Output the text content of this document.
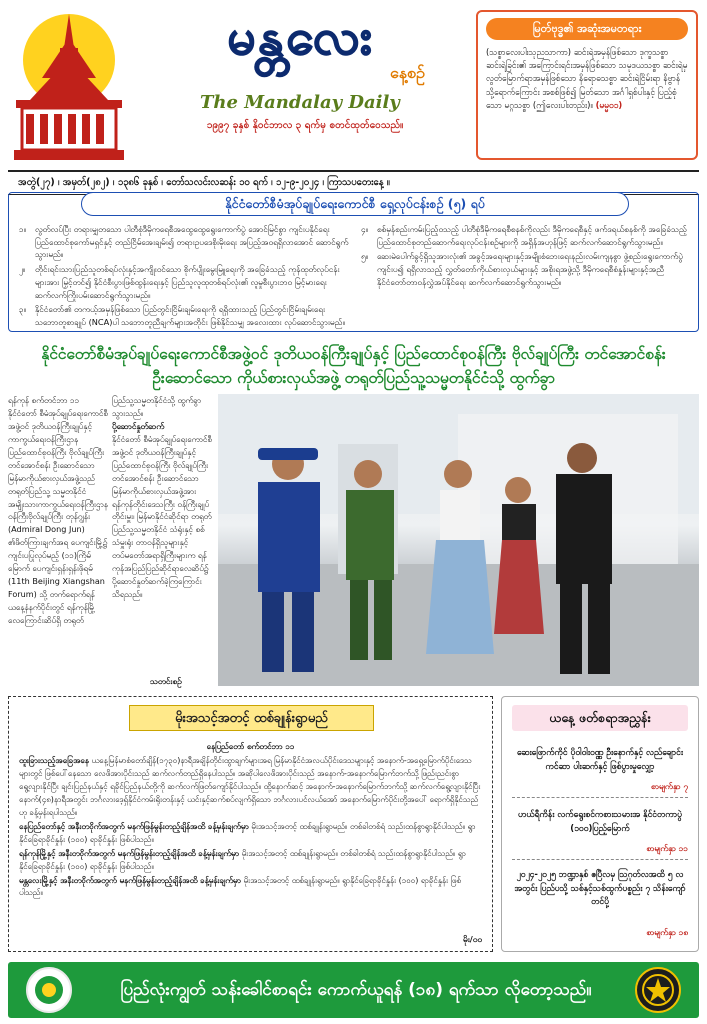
မန္တလေး
နေ့စဉ်
The Mandalay Daily
၁၉၉၇ ခုနှစ် နိုဝင်ဘာလ ၃ ရက်မှ စတင်ထုတ်ဝေသည်။
မြတ်ဗုဒ္ဓ၏ အဆုံးအမတရား
(သစ္စာလေးပါးသုညသာကာ) ဆင်းရဲအမှန်ဖြစ်သော ဒုက္ခသစ္စာ ဆင်းရဲခြင်း၏ အကြောင်းရင်းအမှန်ဖြစ်သော သမုဒယသစ္စာ ဆင်းရဲမှ လွတ်မြောက်ရာအမှန်ဖြစ်သော နိရောဓသစ္စာ ဆင်းရဲငြိမ်းရာ နိဗ္ဗာန်သို့ရောက်ကြောင်း အစစ်ဖြစ်၍ မြတ်သော အင်္ဂါရှစ်ပါးနှင့် ပြည့်စုံသော မဂ္ဂသစ္စာ (ဤလေးပါးတည်း)။ (မမ္မ၀၁)
အတွဲ(၂၇) ၊ အမှတ်(၂၈၂) ၊ ၁၃၈၆ ခုနှစ် ၊ တော်သလင်းလဆန်း ၁၀ ရက် ၊ ၁၂-၉-၂၀၂၄ ၊ ကြာသပတေးနေ့ ။
နိုင်ငံတော်စီမံအုပ်ချုပ်ရေးကောင်စီ ရှေ့လုပ်ငန်းစဉ် (၅) ရပ်
၁။	လွတ်လပ်ပြီး တရားမျှတသော ပါတီစုံဒီမိုကရေစီအထွေထွေရွေးကောက်ပွဲ အောင်မြင်စွာ ကျင်းပနိုင်ရေး ပြည်ထောင်စုကော်မရှင်နှင့် တည်ငြိမ်အေးချမ်း၍ တရားဥပဒေစိုးမိုးရေး အပြည့်အဝရရှိလာအောင် ဆောင်ရွက်သွားမည်။
၂။	တိုင်းရင်းသားပြည်သူတစ်ရပ်လုံးနှင့်အကျိုးဝင်သော စိုက်ပျိုးမွေးမြူရေးကို အခြေခံသည့် ကုန်ထုတ်လုပ်ငန်းများအား မြှင့်တင်၍ နိုင်ငံစီးပွားဖြစ်ထွန်းရေးနှင့် ပြည်သူလူထုတစ်ရပ်လုံး၏ လူမှုစီးပွားဘဝ မြင့်မားရေး ဆက်လက်ကြိုးပမ်းဆောင်ရွက်သွားမည်။
၃။	နိုင်ငံတော်၏ တကယ့်အမှန်ဖြစ်သော ပြည်တွင်းငြိမ်းချမ်းရေးကို ရရှိထားသည့် ပြည်တွင်းငြိမ်းချမ်းရေးသဘောတူစာချုပ် (NCA)ပါ သဘောတူညီချက်များအတိုင်း ဖြစ်နိုင်သမျှ အလေးထား လုပ်ဆောင်သွားမည်။
၄။	စစ်မှန်စည်းကမ်းပြည့်ဝသည့် ပါတီစုံဒီမိုကရေစီစနစ်ကိုလည်း ဒီမိုကရေစီနှင့် ဖက်ဒရယ်စနစ်ကို အခြေခံသည့် ပြည်ထောင်စုတည်ဆောက်ရေးလုပ်ငန်းစဉ်များကို အရှိန်အဟုန်ဖြင့် ဆက်လက်ဆောင်ရွက်သွားမည်။
၅။	ဆေးမဲပေါက်ခွင့်ရှိသူအားလုံး၏ အခွင့်အရေးများနှင့်အမျိုးစံဘေးရေးနည်းလမ်းကျနစွာ ဖွဲ့စည်းရွေးကောက်ပွဲကျင်းပ၍ ရရှိလာသည့် လွှတ်တော်ကိုယ်စားလှယ်များနှင့် အစိုးရအဖွဲ့သို့ ဒီမိုကရေစီစံနှုန်းများနှင့်အညီ နိုင်ငံတော်တာဝန်လွှဲအပ်နိုင်ရေး ဆက်လက်ဆောင်ရွက်သွားမည်။
နိုင်ငံတော်စီမံအုပ်ချုပ်ရေးကောင်စီအဖွဲ့ဝင် ဒုတိယဝန်ကြီးချုပ်နှင့် ပြည်ထောင်စုဝန်ကြီး ဗိုလ်ချုပ်ကြီး တင်အောင်စန်း
ဦးဆောင်သော ကိုယ်စားလှယ်အဖွဲ့ တရုတ်ပြည်သူ့သမ္မတနိုင်ငံသို့ ထွက်ခွာ
ရန်ကုန် စက်တင်ဘာ ၁၁ နိုင်ငံတော် စီမံအုပ်ချုပ်ရေးကောင်စီအဖွဲ့ဝင် ဒုတိယဝန်ကြီးချုပ်နှင့် ကာကွယ်ရေးဝန်ကြီးဌာနပြည်ထောင်စုဝန်ကြီး ဗိုလ်ချုပ်ကြီး တင်အောင်စန်း ဦးဆောင်သော မြန်မာကိုယ်စားလှယ်အဖွဲ့သည် တရုတ်ပြည်သူ့ သမ္မတနိုင်ငံ အမျိုးသားကာကွယ်ရေးဝန်ကြီးဌာန ဝန်ကြီးဗိုလ်ချုပ်ကြီး တုန်ဂျွန်း (Admiral Dong Jun) ၏ဖိတ်ကြားချက်အရ ပေကျင်းမြို့၌ ကျင်းပပြုလုပ်မည့် (၁၁)ကြိမ်မြောက် ပေကျင်းရှန်းရှန်းဖိုရမ် (11th Beijing Xiangshan Forum) သို့ တက်ရောက်ရန် ယနေ့နံနက်ပိုင်းတွင် ရန်ကုန်မြို့ လေကြောင်းဆိပ်ရှိ တရုတ်

ပြည်သူ့သမ္မတနိုင်ငံသို့ ထွက်ခွာသွားသည်။

ပို့ဆောင်နှုတ်ဆက်

နိုင်ငံတော် စီမံအုပ်ချုပ်ရေးကောင်စီအဖွဲ့ဝင် ဒုတိယဝန်ကြီးချုပ်နှင့် ပြည်ထောင်စုဝန်ကြီး ဗိုလ်ချုပ်ကြီး တင်အောင်စန်း ဦးဆောင်သော မြန်မာကိုယ်စားလှယ်အဖွဲ့အား ရန်ကုန်တိုင်းဒေသကြီး ဝန်ကြီးချုပ် တိုင်းမှူး၊ မြန်မာနိုင်ငံဆိုင်ရာ တရုတ်ပြည်သူ့သမ္မတနိုင်ငံ သံရုံးနှင့် စစ်သံမှူးရုံး တာဝန်ရှိသူများနှင့် တပ်မတော်အရာရှိကြီးများက ရန်ကုန်အပြည်ပြည်ဆိုင်ရာလေဆိပ်၌ ပို့ဆောင်နှုတ်ဆက်ခဲ့ကြကြောင်း သိရသည်။

သတင်းစဉ်
မိုးအသင့်အတင့် ထစ်ချုန်းရွာမည်

နေပြည်တော် စက်တင်ဘာ ၁၁

ထူးခြားသည့်အခြေအနေ ယနေ့မြန်မာစံတော်ချိန်(၁၇၃၀)နာရီအချိန်တိုင်းထွာချက်များအရ မြန်မာနိုင်ငံအလယ်ပိုင်းဒေသများနှင့် အနောက်-အရှေ့မြောက်ပိုင်းဒေသများတွင် ဖြစ်ပေါ်နေသော လေဖိအားပိုင်းသည် ဆက်လက်တည်ရှိနေပါသည်။ အဆိုပါလေဖိအားပိုင်းသည် အနောက်-အနောက်မြောက်ဘက်သို့ ဖြည်းညင်းစွာ ရွေ့လျားနိုင်ပြီး ချင်းပြည်နယ်နှင့် ရခိုင်ပြည်နယ်တို့ကို ဆက်လက်ဖြတ်ကျော်နိုင်ပါသည်။ ထို့နောက်ဆင့် အနောက်-အနောက်မြောက်ဘက်သို့ ဆက်လက်ရွေ့လျားနိုင်ပြီး နောက်(၄၈)နာရီအတွင်း ဘင်္ဂလားဒေ့ရှ်နိုင်ငံကမ်းရိုးတန်းနှင့် ယင်းနှင့်ဆက်စပ်လျက်ရှိသော ဘင်္ဂလားပင်လယ်အော် အနောက်မြောက်ပိုင်းတို့အပေါ် ရောက်ရှိနိုင်သည်ဟု ခန့်မှန်းရပါသည်။

နေပြည်တော်နှင့် အနီးတဝိုက်အတွက် မနက်ဖြန်မွန်းတည့်ချိန်အထိ ခန့်မှန်းချက်မှာ မိုးအသင့်အတင့် ထစ်ချုန်းရွာမည်။ တစ်ခါတစ်ရံ သည်းထန်စွာရွာနိုင်ပါသည်။ ရွာနိုင်ခြေရာခိုင်နှုန်း (၁၀၀) ရာခိုင်နှုန်း ဖြစ်ပါသည်။

ရန်ကုန်မြို့နှင့် အနီးတဝိုက်အတွက် မနက်ဖြန်မွန်းတည့်ချိန်အထိ ခန့်မှန်းချက်မှာ မိုးအသင့်အတင့် ထစ်ချုန်းရွာမည်။ တစ်ခါတစ်ရံ သည်းထန်စွာရွာနိုင်ပါသည်။ ရွာနိုင်ခြေရာခိုင်နှုန်း (၁၀၀) ရာခိုင်နှုန်း ဖြစ်ပါသည်။

မန္တလေးမြို့နှင့် အနီးတဝိုက်အတွက် မနက်ဖြန်မွန်းတည့်ချိန်အထိ ခန့်မှန်းချက်မှာ မိုးအသင့်အတင့် ထစ်ချုန်းရွာမည်။ ရွာနိုင်ခြေရာခိုင်နှုန်း (၁၀၀) ရာခိုင်နှုန်း ဖြစ်ပါသည်။

မိုး/၀၀
ယနေ့ ဖတ်စရာအညွှန်း
ဆေးဖြောက်ကိုင် ပိုဝါဝါးဝဏ္ဏ ဦးနောက်နှင့် လည်ချောင်းကင်ဆာ ပါးဆက်နှင့် ဖြစ်ပွားမှုလျှော့
စာမျက်နှာ ၇
ဟယ်ရီကိန်း လက်ရွေးစင်ကစားသမားအ နိုင်ငံတကာပွဲ (၁၀၀)ပြည့်မြောက်
စာမျက်နှာ ၁၁
၂၀၂၄-၂၀၂၅ ဘဏ္ဍာနှစ် ဧပြီလမှ ဩဂုတ်လအထိ ၅ လအတွင်း ပြည်ပသို့ သစ်နှင့်သစ်ထွက်ပစ္စည်း ၇ သိန်းကျော် တင်ပို့
စာမျက်နှာ ၁၈
ပြည်လုံးကျွတ် သန်းခေါင်စာရင်း ကောက်ယူရန် (၁၈) ရက်သာ လိုတော့သည်။
